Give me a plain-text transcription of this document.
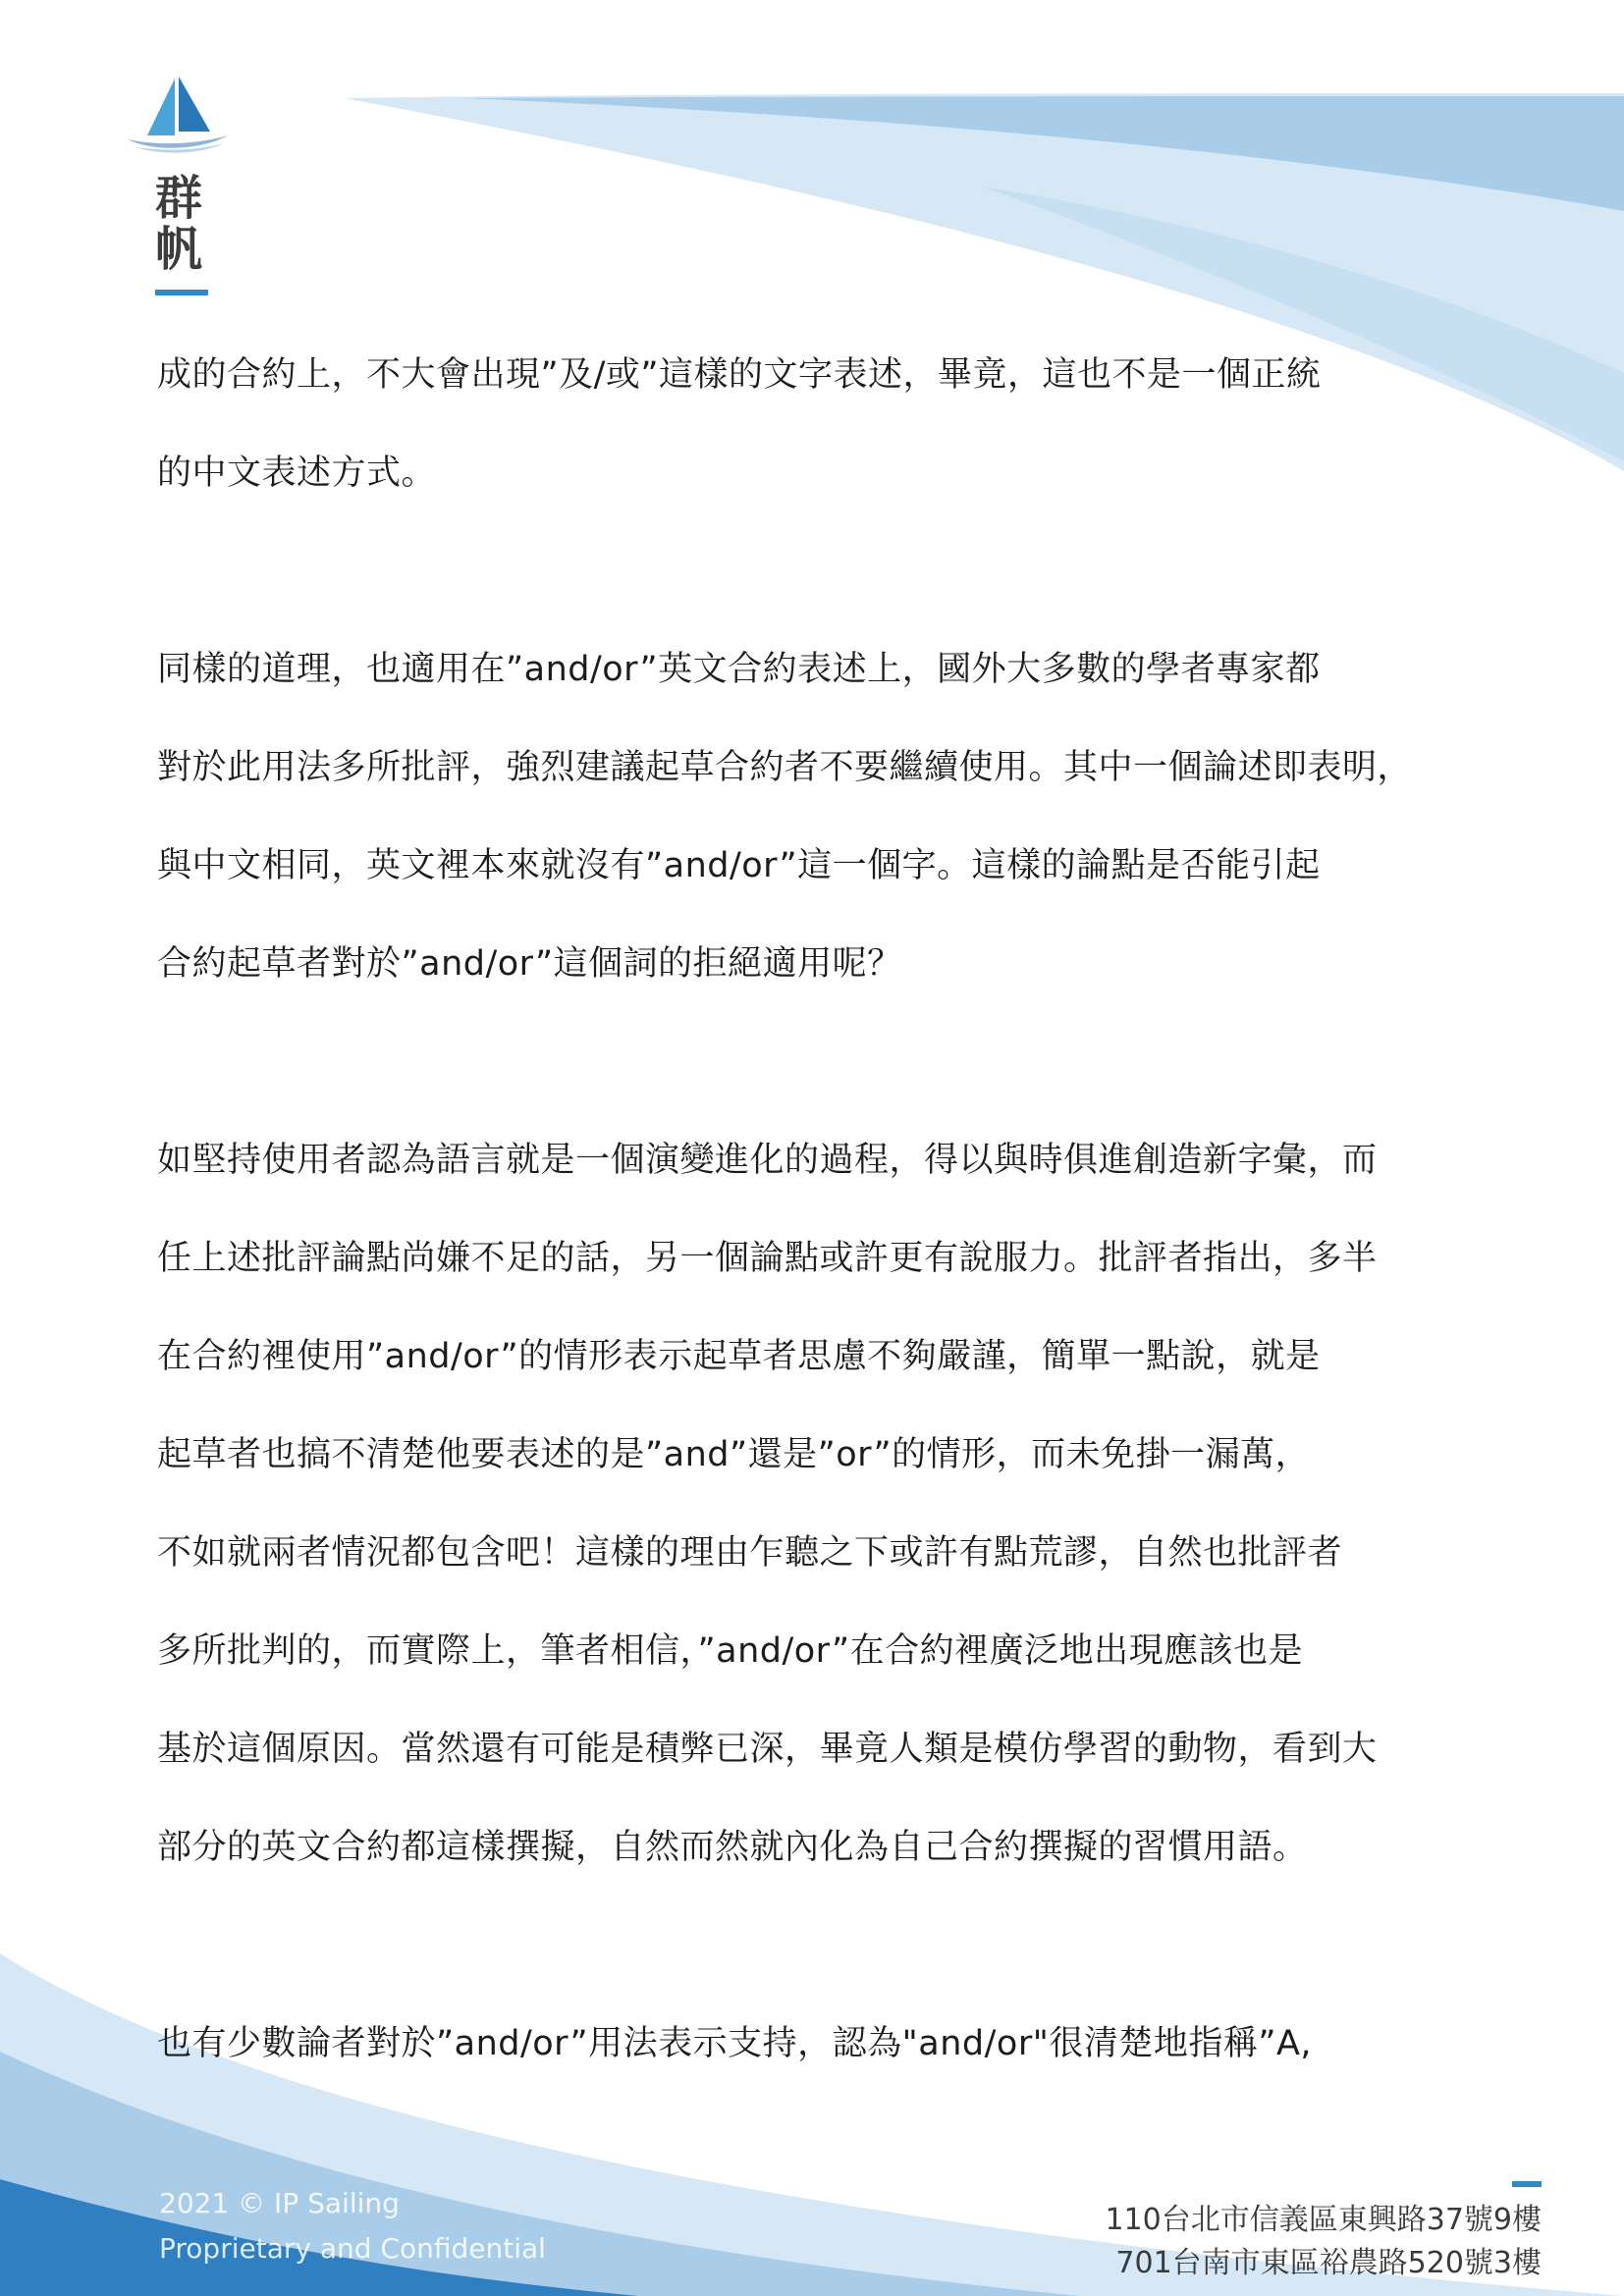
群
帆
成的合約上，不大會出現”及/或”這樣的文字表述，畢竟，這也不是一個正統
的中文表述方式。
同樣的道理，也適用在”and/or”英文合約表述上，國外大多數的學者專家都
對於此用法多所批評，強烈建議起草合約者不要繼續使用。其中一個論述即表明，
與中文相同，英文裡本來就沒有”and/or”這一個字。這樣的論點是否能引起
合約起草者對於”and/or”這個詞的拒絕適用呢？
如堅持使用者認為語言就是一個演變進化的過程，得以與時俱進創造新字彙，而
任上述批評論點尚嫌不足的話，另一個論點或許更有說服力。批評者指出，多半
在合約裡使用”and/or”的情形表示起草者思慮不夠嚴謹，簡單一點說，就是
起草者也搞不清楚他要表述的是”and”還是”or”的情形，而未免掛一漏萬，
不如就兩者情況都包含吧！這樣的理由乍聽之下或許有點荒謬，自然也批評者
多所批判的，而實際上，筆者相信，”and/or”在合約裡廣泛地出現應該也是
基於這個原因。當然還有可能是積弊已深，畢竟人類是模仿學習的動物，看到大
部分的英文合約都這樣撰擬，自然而然就內化為自己合約撰擬的習慣用語。
也有少數論者對於”and/or”用法表示支持，認為"and/or"很清楚地指稱”A,
2021 © IP Sailing
Proprietary and Confidential
110台北市信義區東興路37號9樓
701台南市東區裕農路520號3樓
